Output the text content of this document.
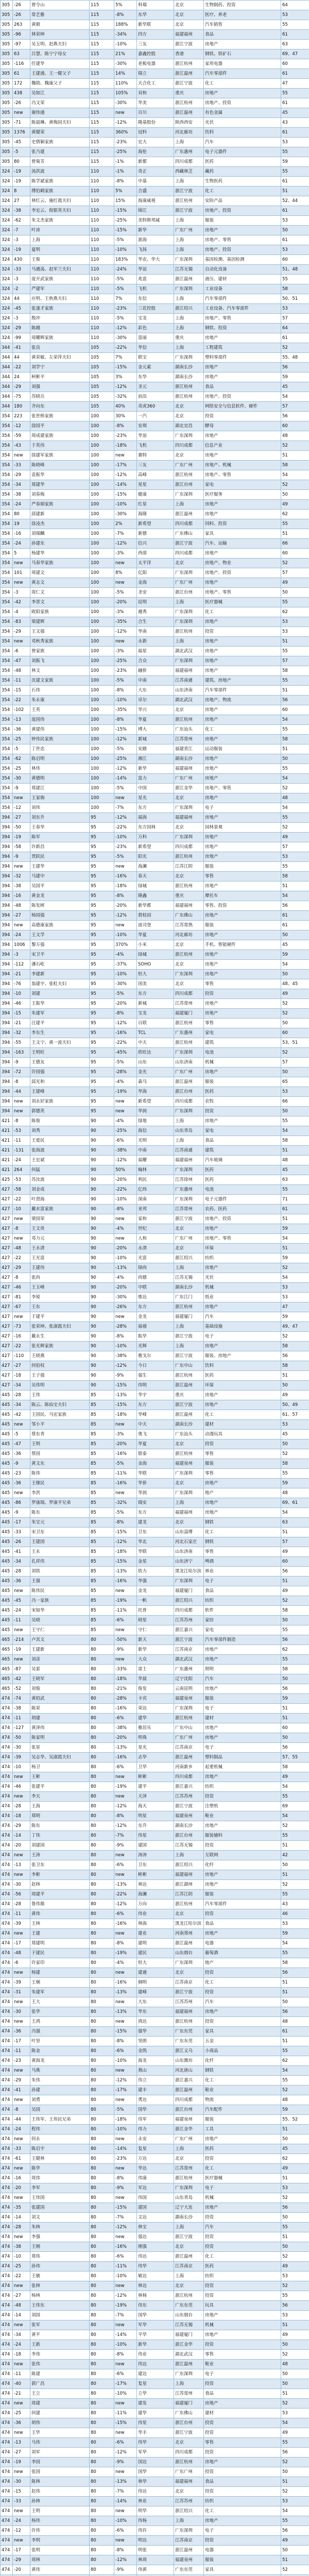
305	-26	曾令山	115	5%	科瑞	北京	生物制药、投资	64
305	-26	常艺雅	115	-8%	东华	北京	医疗、养老	53
305	263	黄毅	115	188%	新华联	北京	汽车销售	55
305	-96	林荣坤	115	-34%	四方	福建福州	食品	61
305	-97	吴玉明、赵燕夫妇	115	-10%	三友	浙江宁波	房地产	63
305	63	吕慧、陈宁宁母女	115	21%	嘉鑫控股	香港	钢铁、铁矿石	69、47
305	-116	任建华	115	-30%	老板电器	浙江杭州	家用电器	60
305	61	王建通、王一健父子	115	14%	瑞立	浙江温州	汽车零部件	61
305	172	魏勋、魏康父子	115	110%	天合化工	浙江宁波	化工	47
305	438	吴如江	115	105%	双和	重庆	房地产	55
305	-26	冯文荣	115	-30%	华美	浙江杭州	房地产、投资	61
305	new	谢伟通	115	new	百川	浙江温州	有色金属	45
305	-71	陈晨琳、黄梅园夫妇	115	-12%	隆基股份	陕西西安	光伏	43
305	1376	黄健荣	115	360%	冠科	河北廊坊	饮料	61
305	-45	史倩颖家族	115	-23%	宏大	上海	汽车	53
305	-5	张乃建	115	-25%	海伦	广东惠州	电子元器件	55
305	80	曾菊芳	115	-1%	新都	四川成都	医药	59
324	-19	汤洪波	110	-1%	奇正	西藏林芝	藏药	55
324	-19	陈学斌家族	110	-8%	中基	上海	生物医药	61
324	8	傅伯鹤家族	110	5%	合盛	浙江宁波	化工	51
324	27	林红云、施红霞夫妇	110	15%	海康威视	浙江杭州	安防产品	52、44
324	-38	李宏云、倪银英夫妇	110	-15%	锦江	浙江宁波	房地产、投资	61
324	-62	朱文杰家族	110	-25%	美特斯邦威	上海	服装	53
324	-7	叶沛	110	-15%	新华	广东广州	房地产	50
324	-3	上海	110	-5%	浙海	上海	房地产、零售	61
324	-19	夏明	110	-10%	飞扬	上海	房地产、投资	53
324	430	王俊	110	183%	华农、华大	广东深圳	基因检测、基因检测	60
324	-33	马遇荡、赵军兰夫妇	110	-24%	华谊	江苏无锡	自动化设备	51、48
324	-3	庞开武家族	110	-5%	兆富	浙江温州	液压、建材	55
324	-2	严建军	110	-5%	飞机	广东深圳	工业设备	58
324	44	应明、王秋燕夫妇	110	7%	东信	上海	汽车零部件	50、51
324	-45	张遂才家族	110	-23%	三花控股	浙江绍兴	工业设备、汽车零部件	53
324	-3	殷冲	110	-5%	宝龙	上海	房地产、零售	57
324	-29	陈越	110	-12%	彩色	上海	钢铁、投资	64
324	-99	周耀辉家族	110	-30%	富丽	重庆	房地产	61
344	-41	张良	105	-22%	华信	上海	工程建筑	52
344	44	黄荣敏、左荣萍夫妇	105	7%	联宝	广东深圳	塑料零部件	55、48
344	-22	刘学宁	105	-15%	金元素	湖南长沙	房地产	56
344	24	柯彬平	105	3%	东华	湖南长沙	房地产	59
344	-29	刘强	105	-12%	圣元	浙江杭州	食品	45
344	-75	苏晓兵	105	-32%	前沿	浙江杭州	房地产、投资	54
344	180	齐向东	105	40%	奇虎360	北京	网络安全与信息软件、硬件	57
354	223	张世桥家族	100	30%	一汽	北京	投资	56
354	-12	徐国平	100	-8%	安琪	湖北宜昌	酵母	60
354	-59	周成建家族	100	-23%	华谊	广东深圳	房地产	48
354	-43	于英伟	100	-18%	飞机	四川成都	信息产业	52
354	new	徐建军家族	100	new	赛特	北京	房地产	51
354	-33	陈晓峰	100	-17%	三友	广东广州	房地产、机械	58
354	-29	袁振华	100	-12%	高峰	浙江杭州	房地产、零售	54
354	-34	郑建华	100	-14%	星星	浙江台州	家电	52
354	-38	刘春梅	100	-15%	健康	广东深圳	医疗服务	50
354	-24	严春娟家族	100	-10%	红星	上海	房地产	49
354	80	邱建新	100	-30%	海隆	浙江温州	房地产	62
354	19	徐凌杰	100	2%	新希望	四川成都	饲料、投资	55
354	-16	刘瑞麟	100	-7%	新德	广东佛山	家具	51
354	-24	孙建东	100	-12%	信兴	浙江宁波	汽车、运输	66
354	5	杨建华	100	-3%	西部	四川成都	房地产	60
354	new	马春华家族	100	new	太平洋	北京	房地产、物业	52
354	101	周建文	100	8%	亿阳	广东深圳	房地产、投资	57
354	new	黄志文	100	new	金海	广东广州	房地产	49
354	-3	周仁文	100	-5%	圣安	浙江台州	房地产、零售	50
354	-42	李晋文	100	-20%	昆明	上海	医疗器械	55
354	-4	欧阳家族	100	-3%	越秀	广东深圳	化工	62
354	-83	梁建辉	100	-35%	合生	广东深圳	房地产	53
354	-29	王文强	100	-12%	华南	浙江杭州	投资	53
354	new	邓秋秀家族	100	new	永新	上海	房地产	51
354	-6	曾家族	100	-3%	福星	湖北武汉	房地产	55
354	-47	刘振飞	100	-25%	合众	广东深圳	房地产	57
354	-48	林文	100	-23%	融侨	福建福州	房地产	58
354	-11	沈建文家族	100	-5%	中南	江苏南通	建筑、房地产	55
354	-15	石伟	100	-8%	大东	山东济南	汽车零部件	51
354	-22	朱永康	100	-10%	卓尔	湖北武汉	房地产、物流	56
354	-102	王英	100	-35%	华兴	北京	房地产	60
354	-13	庞国伟	100	-8%	华夏	浙江杭州	房地产	54
354	-36	黄建伟	100	-15%	博大	广东汕头	化工	55
354	-25	钟伟民家族	100	-12%	新城	江苏常州	房地产	58
354	-5	丁世忠	100	-5%	安踏	福建晋江	运动服装	51
354	-62	陈启明	100	-25%	湘江	湖南长沙	房地产	50
354	-25	林伟	100	-12%	新华	福建福州	房地产	55
354	-30	黄德明	100	-14%	富力	广东广州	房地产	54
354	-9	郑建江	100	-5%	中国	浙江金华	房地产、零售	52
354	new	王家驹	100	new	星光	北京	房地产	48
354	-12	刘伟	100	-7%	东方	广东深圳	电子	54
394	-27	刘东升	95	-12%	福海	福建福州	房地产	55
394	-50	王春华	95	-22%	东方园林	北京	园林景观	52
394	-19	陈军	95	-10%	万科	广东深圳	房地产	49
394	-58	许新昌	95	-23%	新希望	四川成都	房地产	57
394	-9	贾跃民	95	-5%	阳光	浙江杭州	房地产	53
394	new	王建华	95	new	海澜	江苏江阴	服装	55
394	-32	马建中	95	-16%	春天	北京	零售	58
394	-38	吴国平	95	-18%	绿城	浙江杭州	房地产	51
394	-16	黄金龙	95	-8%	隆鑫	重庆	摩托车	54
394	-48	陈发树	95	-20%	新华都	福建福州	零售、投资	56
394	-27	杨国强	95	-12%	碧桂园	广东佛山	房地产	61
394	new	高德康家族	95	new	波司登	江苏常熟	服装	61
394	-24	王文学	95	-10%	华夏	河北廊坊	房地产	50
394	1006	黎万强	95	370%	小米	北京	手机、智能硬件	45
394	-3	宋卫平	95	-4%	绿城	浙江杭州	房地产	59
394	-112	潘石屹	95	-37%	SOHO	北京	房地产	54
394	-21	李建新	95	-10%	恒大	广东深圳	房地产	50
394	-76	翁建宇、张虹夫妇	95	-30%	国美	北京	零售	48、45
394	-10	刘建	95	-5%	东方	四川成都	投资	49
394	-46	王振华	95	-20%	新城	江苏常州	房地产	52
394	-15	朱建军	95	-8%	宝龙	福建厦门	房地产	52
394	-21	汪建平	95	-12%	百联	浙江杭州	零售	50
394	-32	李东生	95	-16%	TCL	广东惠州	家电	60
394	-55	王文宁、黄一波夫妇	95	-22%	中天	浙江杭州	建筑	53、51
394	-163	王明旺	95	-45%	欣旺达	广东深圳	电池	52
394	-9	王德友	95	-5%	山东	山东济南	机械	57
394	-72	许国强	95	-28%	金光	广东广州	房地产	50
394	-8	邱光和	95	-4%	森马	浙江温州	服装	65
394	-44	王建峰	95	-19%	华海	浙江台州	医药	53
394	new	刘永好家族	95	new	新希望	四川成都	农牧	66
394	new	郭德英	95	new	华润	广东深圳	投资	50
421	-8	陈俊	90	-4%	绿地	上海	房地产	55
421	-53	刘秀	90	-25%	海信	山东青岛	家电	54
421	-11	王爱民	90	-6%	光明	上海	食品	58
421	-131	张海波	90	-38%	中南	江苏南通	建筑	51
421	-24	王宏斌	90	-12%	福耀	福建福州	汽车玻璃	48
421	264	何猛	90	50%	翰林	广东深圳	医药	45
425	-53	苏汝波	90	-20%	利民	江苏徐州	医药	63
427	-58	刘金成	90	-22%	亿纬	广东惠州	电池	55
427	-22	叶澄海	90	-10%	深南	广东深圳	电子元器件	71
427	-10	戴水富家族	90	-8%	亚邦	江苏常州	农药、医药	61
427	new	梁国荣	90	new	家和	浙江宁波	房地产、投资	51
427	-8	王文贵	90	-4%	世纪	北京	房地产	59
427	new	邓力元	90	new	人和	广东广州	房地产、零售	54
427	-48	王永清	90	-20%	永清	北京	环保	51
427	-22	王光富	90	-10%	光富	浙江绍兴	纺织	59
427	-29	王建伟	90	-13%	锦尚	上海	房地产	52
427	-8	张尚	90	-4%	尚德	江苏无锡	光伏	54
427	-46	王玉峰	90	-20%	中联	湖南长沙	机械	53
427	-81	李锐	90	-30%	维达	广东江门	纸业	53
427	-67	王东	90	-26%	东方	浙江杭州	房地产	47
427	new	于建平	90	new	金龙	福建厦门	汽车	59
427	-73	张荣坤、张淑霞夫妇	90	-28%	福禧	上海	基础设施	49、47
427	-16	戴永生	90	-8%	振华	浙江宁波	电子	52
427	-22	张光辉家族	90	-10%	光辉	上海	房地产	58
427	-110	王晓燕	90	-38%	雅戈尔	浙江宁波	服装、房地产	56
427	-27	何伯权	90	-12%	今日	广东中山	饮料	58
427	-18	王子强	90	-9%	强生	浙江杭州	医药	51
427	-34	吴伟明	90	-15%	伟明	浙江温州	环保	50
445	-28	王伟	85	-13%	华宇	重庆	房地产	49
445	-34	陈云、陈仙宝夫妇	85	-15%	东方	浙江宁波	房地产	50、49
445	-42	王国民、马宏家族	85	-18%	华峰	浙江温州	化工	61、57
445	new	邹小平	85	new	中天	湖南长沙	建材	53
445	-5	蔡东青	85	-3%	奥飞	广东汕头	动漫玩具	45
445	-47	王明	85	-20%	华夏	北京	投资	50
445	-36	蔡国	85	-16%	银泰	浙江杭州	零售	52
445	-9	黄文东	85	-5%	金海	福建泉州	服装	58
445	-23	陈伟	85	-11%	华联	广东深圳	零售	55
445	-36	王继民	85	-16%	华侨	北京	房地产	59
445	new	李洪	85	new	华润	广东深圳	地产	48
445	-86	罗康瑞、罗康平兄弟	85	-32%	瑞安	上海	房地产	69、61
445	-9	陈东	85	-5%	东方	福建福州	房地产	54
445	-17	朱宝元	85	-8%	建龙	北京	钢铁	63
445	-33	宋卫东	85	-15%	卫东	山东淄博	化工	51
445	-26	王建国	85	-12%	华北	河北石家庄	钢铁	57
445	-41	王永	85	-18%	华联	山东济南	零售	49
445	-34	孔祥伟	85	-15%	金星	山东济宁	啤酒	60
445	-28	刘铁	85	-13%	铁力	黑龙江哈尔滨	林业	56
445	-36	王强	85	-16%	华强	广东深圳	电子	51
445	new	陈伟民	85	new	金龙	福建厦门	食品	49
445	-45	冯一家族	85	-19%	一帆	浙江绍兴	纺织	52
445	-24	宋如华	85	-11%	托普	四川成都	软件	58
445	-11	吴晓	85	-6%	晓星	江苏苏州	家纺	50
445	new	王守仁	85	new	守仁	浙江嘉兴	家电	55
465	-214	卢其文	80	-50%	新天	浙江宁波	汽车零部件制造	56
465	-19	王建新	80	-9%	新华	江苏南京	房地产	62
465	new	刘彦	80	new	大众	湖北武汉	房地产	55
465	-87	吴雷	80	-33%	雷士	广东惠州	照明	58
465	-42	王晓军	80	-18%	华晨	辽宁沈阳	汽车	50
465	-52	刘俊	80	-21%	俊发	云南昆明	房地产	56
474	-74	黄绍武	80	-28%	卡宾	福建泉州	服装	59
474	-38	陈荣	80	-16%	荣达	广东深圳	电子	51
474	-11	胡建	80	-6%	建华	浙江杭州	建材	51
474	-127	黄泽伟	80	-38%	雅居乐	广东中山	房地产	60
474	-50	陈家明	80	-20%	明珠	广东广州	房地产	50
474	-30	张星	80	-13%	星光	江苏南京	电子	56
474	-39	吴志华、吴淑霞夫妇	80	-16%	志华	浙江温州	塑料制品	57、55
474	-10	杨卫	80	-6%	卫华	河南新乡	起重机械	58
474	new	王彬	80	new	彬彬	四川成都	房地产	49
474	-46	张建平	80	-19%	建平	浙江嘉兴	纺织	54
474	new	李天	80	new	天泽	江苏苏州	投资	55
474	-28	王海	80	-12%	海天	浙江宁波	注塑机	69
474	-18	郑明	80	-8%	明星	福建泉州	鞋业	54
474	-29	陈东	80	-12%	东升	湖南长沙	房地产	52
474	-14	丁伟	80	-7%	伟星	浙江台州	服装辅料	55
474	-20	刘建国	80	-9%	建国	江苏无锡	投资	51
474	new	王涛	80	new	涛涛	上海	互联网	42
474	-13	张卫东	80	-6%	卫东	浙江绍兴	化纤	50
474	new	李彬	80	new	彬彬	福建福州	房地产	51
474	-30	赵林	80	-13%	林达	浙江湖州	房地产	52
474	-56	周建平	80	-22%	海澜	江苏江阴	服装	55
474	-28	鲁伟鼎	80	-12%	万向	浙江杭州	汽车零部件	43
474	-11	黄伟	80	-6%	伟业	北京	投资	46
474	-39	王林	80	-16%	林海	黑龙江哈尔滨	食品	53
474	new	王建	80	new	建业	河南郑州	房地产	59
474	-17	郑建明	80	-8%	建明	浙江温州	电器	54
474	-48	于建民	80	-19%	建民	山东烟台	葡萄酒	55
474	-6	许家印	80	-4%	恒大	广东深圳	地产	58
474	new	杨建	80	new	建通	北京	投资	56
474	-39	王炯	80	-16%	炯明	江苏南京	化工	51
474	-31	朱建军	80	-13%	建峰	浙江宁波	投资	51
474	new	王大	80	new	大东	江苏苏州	汽车	50
474	-30	张华	80	-13%	华东	福建福州	房地产	56
474	new	王鸿	80	new	鸿达	浙江杭州	投资	48
474	-36	冯强	80	-15%	强华	广东东莞	家具	61
474	-17	叶坚	80	-8%	坚朗	广东东莞	五金	51
474	-11	陈金	80	-6%	金凯	浙江义乌	小商品	55
474	-23	黄海龙	80	-10%	海龙	山东潍坊	化纤	62
474	new	马燕	80	new	燕山	河北唐山	钢铁	54
474	-29	朱伟	80	-12%	伟立	浙江嘉兴	化工	55
474	-41	孙建	80	-17%	建丰	浙江温州	鞋业	52
474	new	刘勇	80	new	勇达	四川成都	物流	48
474	-8	吴国	80	-5%	国华	浙江台州	汽车配件	59
474	-44	王伟军、王伟民兄弟	80	-18%	伟军	福建泉州	服装	55、52
474	-24	程伟	80	-10%	伟力	浙江金华	工具	51
474	new	何永	80	new	永安	广东广州	房地产	50
474	-33	陈启宇	80	-14%	复星	上海	医药	45
474	-61	王健林	80	-23%	万达	北京	投资	62
474	new	陈华	80	new	华达	江苏常州	化工	49
474	-16	周伟	80	-8%	伟康	浙江杭州	医疗器械	51
474	-20	李军	80	-9%	军达	广东深圳	电子	53
474	new	王伟国	80	new	伟国	山东青岛	机械	52
474	-35	张建国	80	-15%	建国	辽宁大连	房地产	56
474	-14	刘文	80	-7%	文达	湖南长沙	投资	50
474	-28	朱林	80	-12%	林宝	上海	汽车	55
474	new	李强	80	new	强达	浙江宁波	投资	51
474	-38	王刚	80	-16%	刚强	北京	投资	50
474	-10	郑伟	80	-6%	伟达	浙江温州	化工	52
474	-25	孙伟	80	-11%	伟华	江苏南京	医药	49
474	-22	王敏	80	-10%	敏达	上海	纺织	53
474	new	张林	80	new	林达	北京	投资	52
474	-27	杨林	80	-12%	林杨	浙江杭州	投资	55
474	-48	王伟东	80	-19%	伟东	广东东莞	玩具	56
474	-14	刘国	80	-7%	国华	山东烟台	房地产	53
474	new	张军	80	new	军华	江苏无锡	机械	51
474	-34	黄平	80	-14%	平华	福建厦门	房地产	49
474	-24	王新	80	-10%	新华	浙江金华	投资	50
474	-18	李伟	80	-8%	伟业	湖北武汉	零售	52
474	new	张伟	80	new	伟达	浙江温州	鞋业	48
474	-11	陈建	80	-6%	建达	广东深圳	电子	50
474	-40	郭广昌	80	-17%	复星	上海	投资	50
474	-21	王立	80	-10%	立华	江苏常州	食品	51
474	new	周建	80	new	建发	福建厦门	房地产	52
474	-25	何建	80	-11%	建华	广东佛山	建材	53
474	-36	胡伟	80	-15%	伟星	浙江台州	投资	54
474	new	王华	80	new	华丰	浙江宁波	投资	49
474	-13	马伟	80	-6%	伟华	北京	零售	55
474	-27	刘军	80	-12%	军华	四川成都	投资	56
474	-19	李国	80	-9%	国达	浙江杭州	房地产	52
474	new	张国	80	new	国华	广东广州	投资	50
474	-30	陈林	80	-13%	林华	福建福州	食品	51
474	-15	赵伟	80	-7%	伟达	北京	投资	52
474	-33	孙林	80	-14%	林业	江苏苏州	纺织	53
474	new	王明	80	new	明华	浙江绍兴	化工	54
474	-24	杨伟	80	-10%	伟杨	上海	房地产	55
474	-12	许伟	80	-6%	伟许	广东深圳	电子	56
474	new	李明	80	new	明达	江苏南京	投资	49
474	-17	张明	80	-8%	明张	浙江温州	电器	50
474	-29	周林	80	-12%	林周	福建泉州	服装	51
474	-20	黄伟	80	-9%	伟黄	广东东莞	家具	52
